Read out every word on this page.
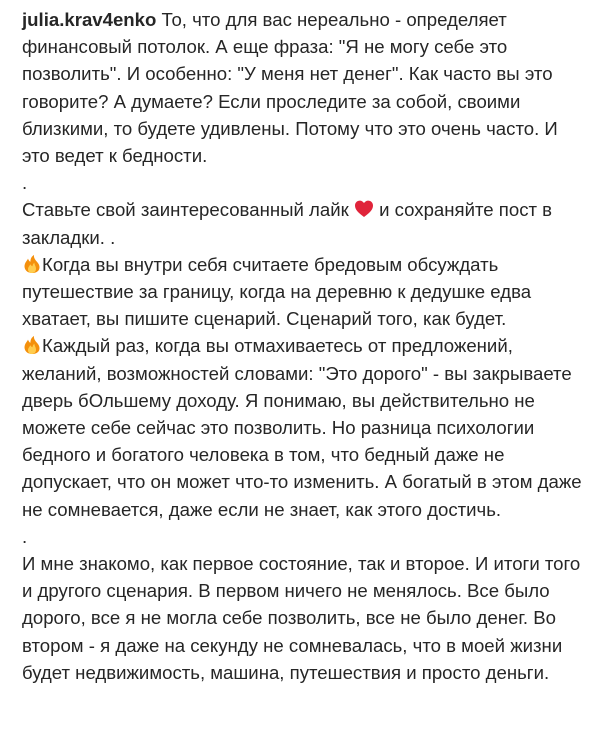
julia.krav4enko То, что для вас нереально - определяет финансовый потолок. А еще фраза: "Я не могу себе это позволить". И особенно: "У меня нет денег". Как часто вы это говорите? А думаете? Если проследите за собой, своими близкими, то будете удивлены. Потому что это очень часто. И это ведет к бедности.

.

Ставьте свой заинтересованный лайк и сохраняйте пост в закладки. .

Когда вы внутри себя считаете бредовым обсуждать путешествие за границу, когда на деревню к дедушке едва хватает, вы пишите сценарий. Сценарий того, как будет.

Каждый раз, когда вы отмахиваетесь от предложений, желаний, возможностей словами: "Это дорого" - вы закрываете дверь бОльшему доходу. Я понимаю, вы действительно не можете себе сейчас это позволить. Но разница психологии бедного и богатого человека в том, что бедный даже не допускает, что он может что-то изменить. А богатый в этом даже не сомневается, даже если не знает, как этого достичь.

.

И мне знакомо, как первое состояние, так и второе. И итоги того и другого сценария. В первом ничего не менялось. Все было дорого, все я не могла себе позволить, все не было денег. Во втором - я даже на секунду не сомневалась, что в моей жизни будет недвижимость, машина, путешествия и просто деньги.
